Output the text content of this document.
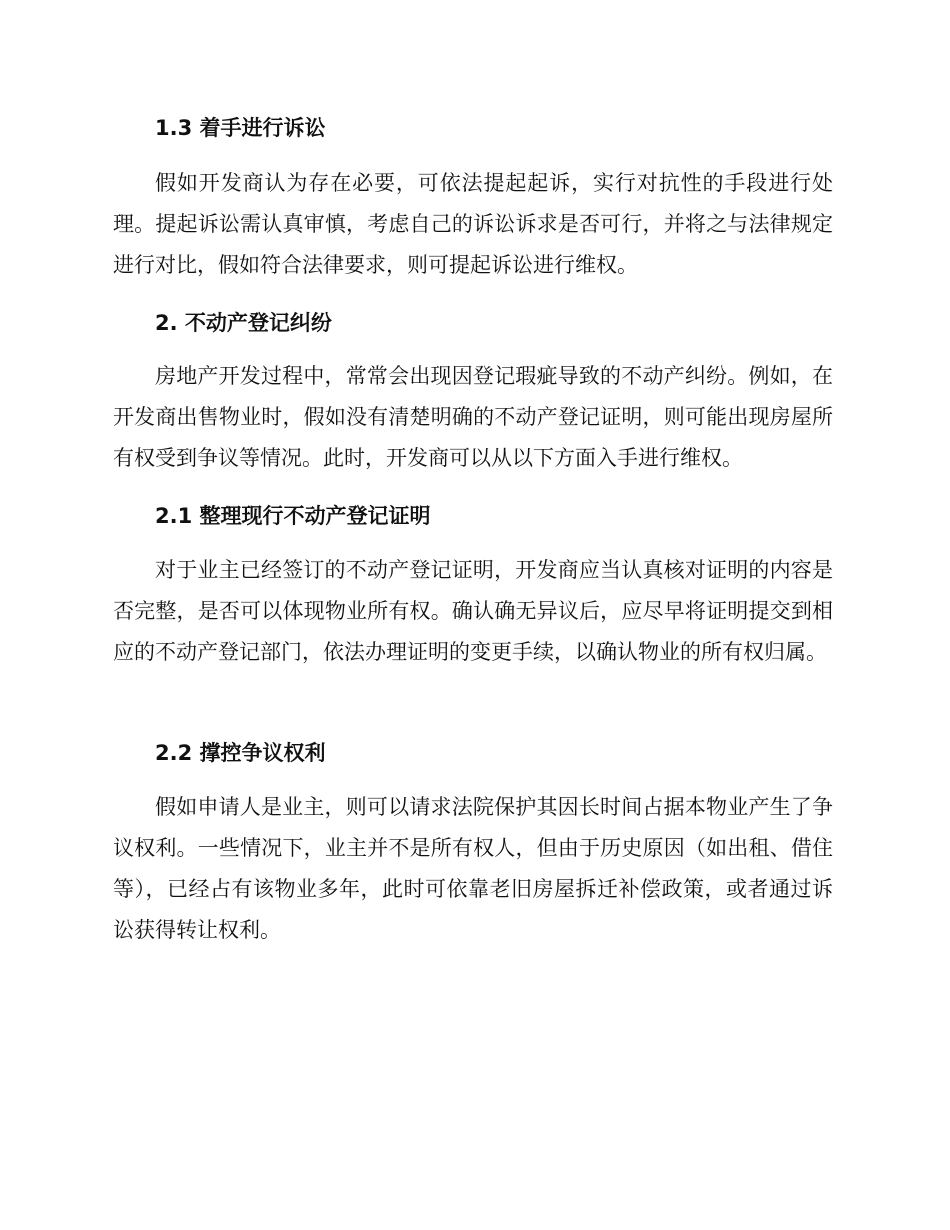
1.3 着手进行诉讼
假如开发商认为存在必要，可依法提起起诉，实行对抗性的手段进行处理。提起诉讼需认真审慎，考虑自己的诉讼诉求是否可行，并将之与法律规定进行对比，假如符合法律要求，则可提起诉讼进行维权。
2. 不动产登记纠纷
房地产开发过程中，常常会出现因登记瑕疵导致的不动产纠纷。例如，在开发商出售物业时，假如没有清楚明确的不动产登记证明，则可能出现房屋所有权受到争议等情况。此时，开发商可以从以下方面入手进行维权。
2.1 整理现行不动产登记证明
对于业主已经签订的不动产登记证明，开发商应当认真核对证明的内容是否完整，是否可以体现物业所有权。确认确无异议后，应尽早将证明提交到相应的不动产登记部门，依法办理证明的变更手续，以确认物业的所有权归属。
2.2 撑控争议权利
假如申请人是业主，则可以请求法院保护其因长时间占据本物业产生了争议权利。一些情况下，业主并不是所有权人，但由于历史原因（如出租、借住等），已经占有该物业多年，此时可依靠老旧房屋拆迁补偿政策，或者通过诉讼获得转让权利。
